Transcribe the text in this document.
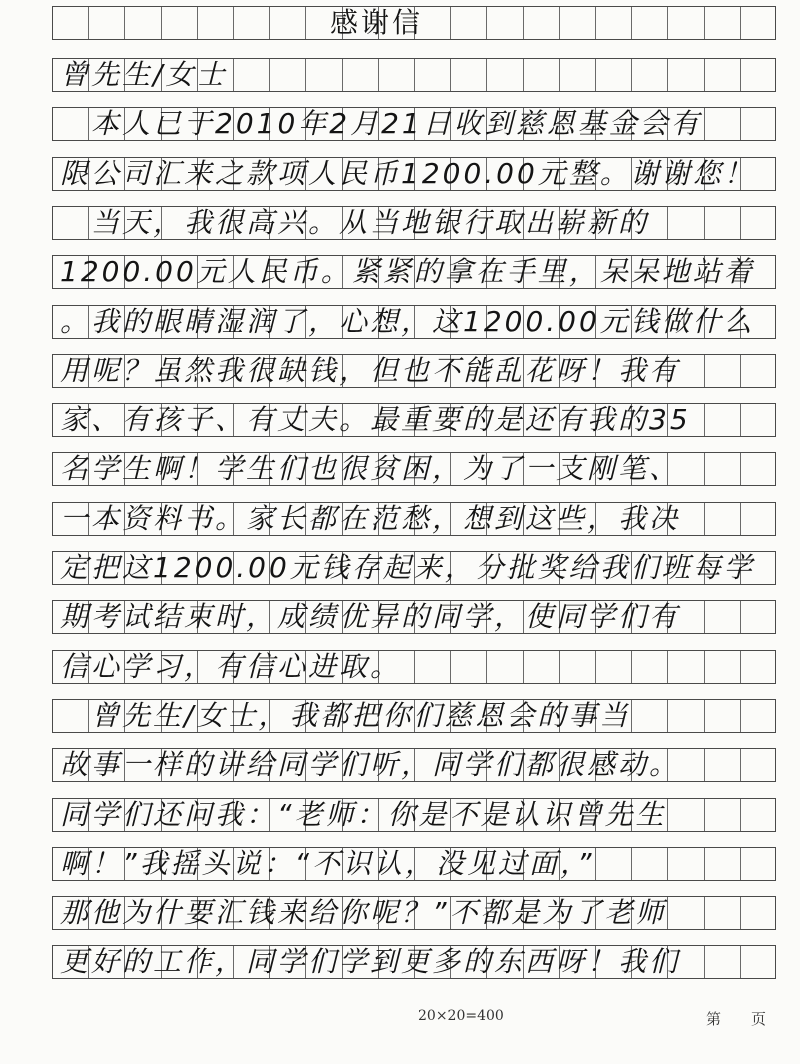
感谢信
曾先生/女士
　本人已于2010年2月21日收到慈恩基金会有
限公司汇来之款项人民币1200.00元整。谢谢您！
　当天，我很高兴。从当地银行取出崭新的
1200.00元人民币。紧紧的拿在手里，呆呆地站着
。我的眼睛湿润了，心想，这1200.00元钱做什么
用呢？虽然我很缺钱，但也不能乱花呀！我有
家、有孩子、有丈夫。最重要的是还有我的35
名学生啊！学生们也很贫困，为了一支刚笔、
一本资料书。家长都在范愁，想到这些，我决
定把这1200.00元钱存起来，分批奖给我们班每学
期考试结束时，成绩优异的同学，使同学们有
信心学习，有信心进取。
　曾先生/女士，我都把你们慈恩会的事当
故事一样的讲给同学们听，同学们都很感动。
同学们还问我：“老师：你是不是认识曾先生
啊！”我摇头说：“不识认，没见过面，”
那他为什要汇钱来给你呢？”不都是为了老师
更好的工作，同学们学到更多的东西呀！我们
20×20=400	第　　页
